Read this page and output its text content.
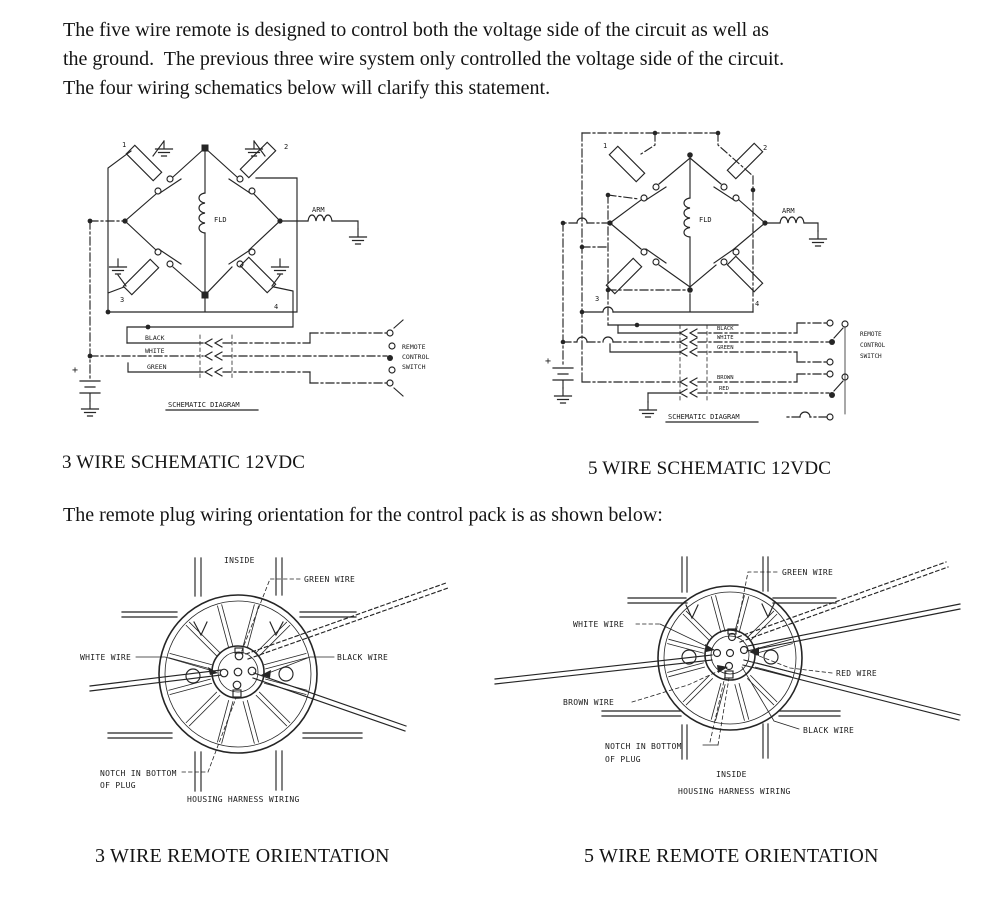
The five wire remote is designed to control both the voltage side of the circuit as well as
the ground.  The previous three wire system only controlled the voltage side of the circuit.
The four wiring schematics below will clarify this statement.
1	2
3
4
FLD
ARM
+
BLACK
WHITE
GREEN
REMOTE
CONTROL
SWITCH
SCHEMATIC DIAGRAM
1	2
3
4
FLD
ARM
+
BLACK
WHITE
GREEN
BROWN
RED
REMOTE
CONTROL
SWITCH
SCHEMATIC DIAGRAM
3 WIRE SCHEMATIC 12VDC	5 WIRE SCHEMATIC 12VDC
The remote plug wiring orientation for the control pack is as shown below:
INSIDE
GREEN WIRE
WHITE WIRE	BLACK WIRE
NOTCH IN BOTTOM
OF PLUG
HOUSING HARNESS WIRING
GREEN WIRE
WHITE WIRE
RED WIRE
BROWN WIRE
BLACK WIRE
NOTCH IN BOTTOM
OF PLUG
INSIDE
HOUSING HARNESS WIRING
3 WIRE REMOTE ORIENTATION	5 WIRE REMOTE ORIENTATION
